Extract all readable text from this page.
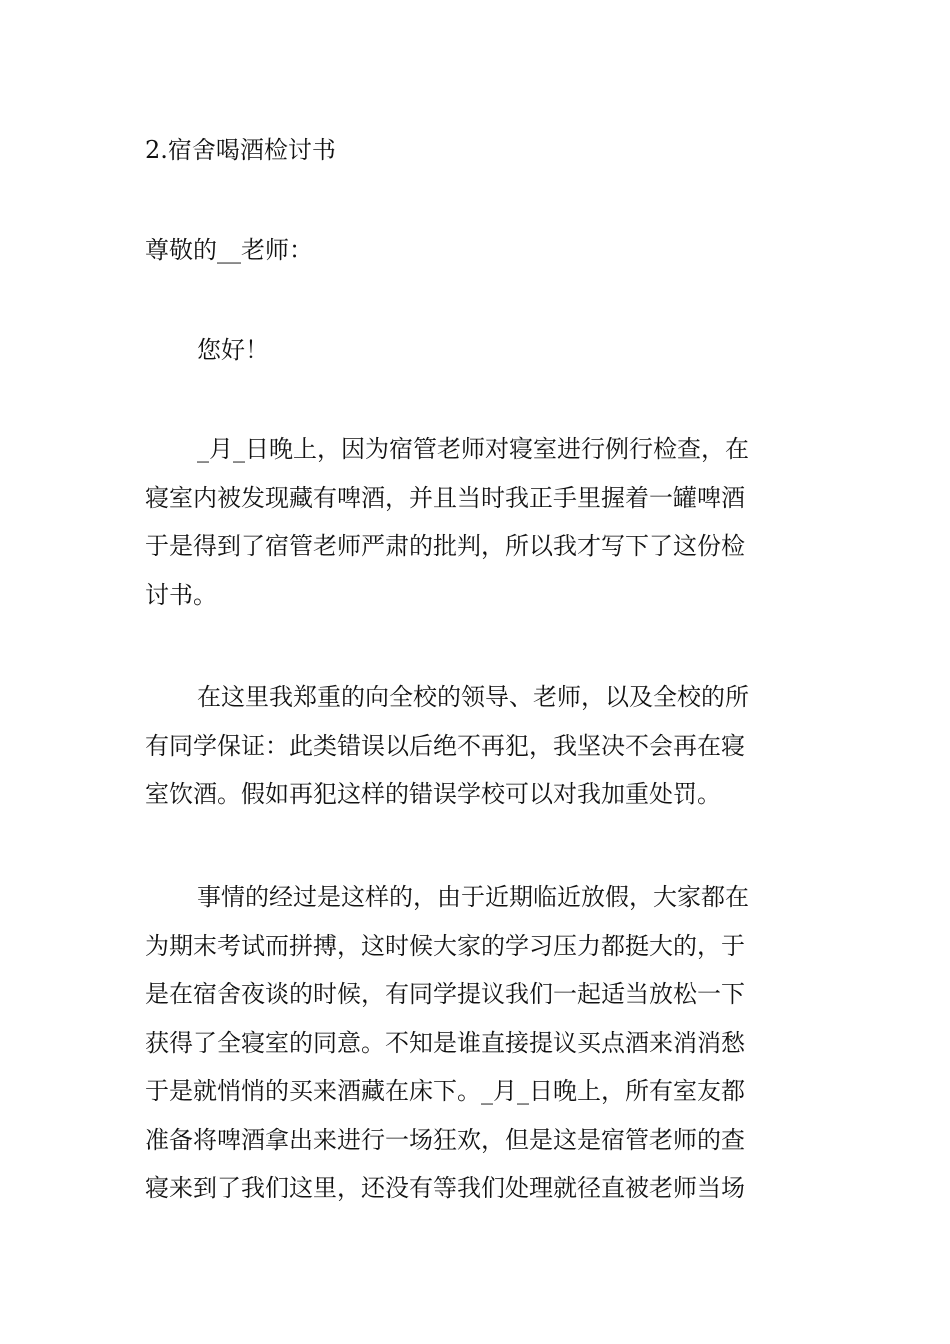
2.宿舍喝酒检讨书
尊敬的__老师：
您好！
_月_日晚上，因为宿管老师对寝室进行例行检查，在
寝室内被发现藏有啤酒，并且当时我正手里握着一罐啤酒
于是得到了宿管老师严肃的批判，所以我才写下了这份检
讨书。
在这里我郑重的向全校的领导、老师，以及全校的所
有同学保证：此类错误以后绝不再犯，我坚决不会再在寝
室饮酒。假如再犯这样的错误学校可以对我加重处罚。
事情的经过是这样的，由于近期临近放假，大家都在
为期末考试而拼搏，这时候大家的学习压力都挺大的，于
是在宿舍夜谈的时候，有同学提议我们一起适当放松一下
获得了全寝室的同意。不知是谁直接提议买点酒来消消愁
于是就悄悄的买来酒藏在床下。_月_日晚上，所有室友都
准备将啤酒拿出来进行一场狂欢，但是这是宿管老师的查
寝来到了我们这里，还没有等我们处理就径直被老师当场
